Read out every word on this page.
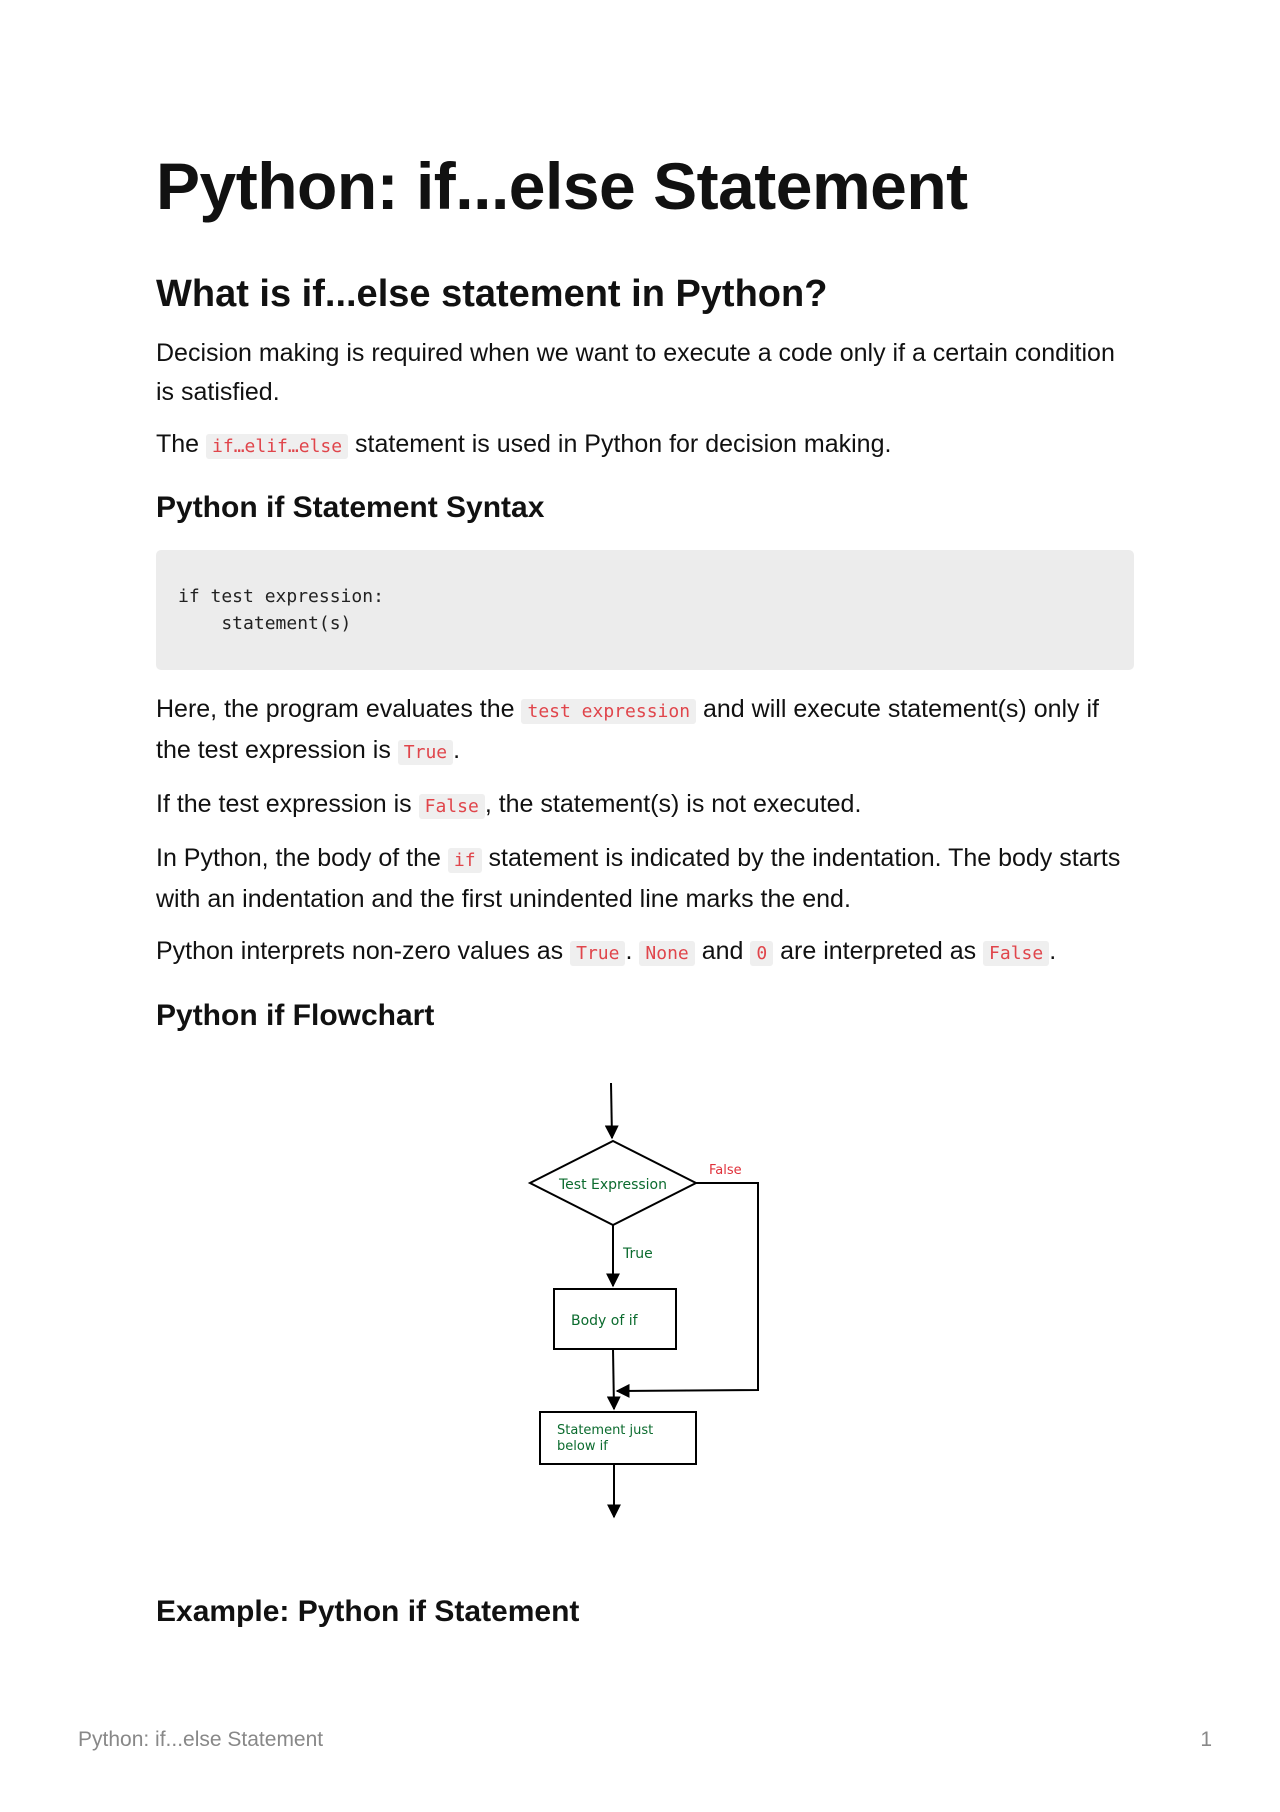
Python: if...else Statement
What is if...else statement in Python?

Decision making is required when we want to execute a code only if a certain condition is satisfied.

The if…elif…else statement is used in Python for decision making.

Python if Statement Syntax
if test expression:
statement(s)

Here, the program evaluates the test expression and will execute statement(s) only if the test expression is True .

If the test expression is False , the statement(s) is not executed.

In Python, the body of the if statement is indicated by the indentation. The body starts with an indentation and the first unindented line marks the end.

Python interprets non-zero values as True . None and 0 are interpreted as False .

Python if Flowchart
Test Expression
False
True
Body of if
Statement just
below if
Example: Python if Statement
Python: if...else Statement	1
